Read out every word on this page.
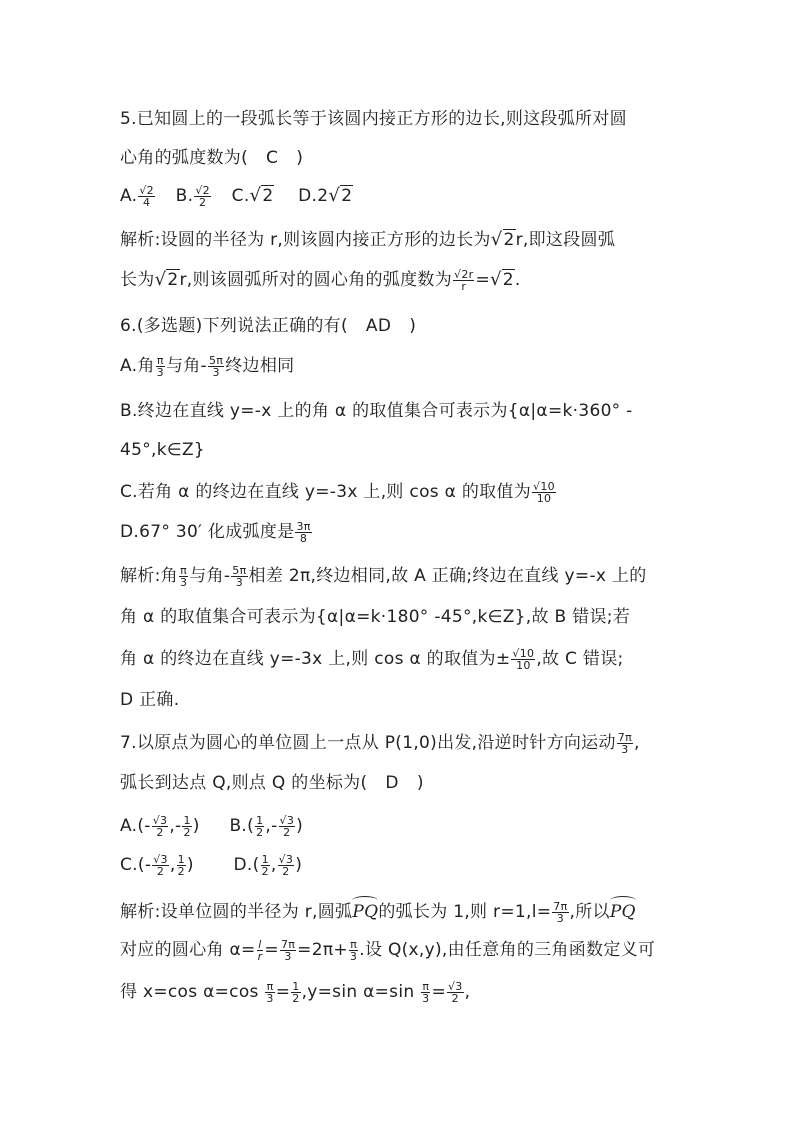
5.已知圆上的一段弧长等于该圆内接正方形的边长,则这段弧所对圆
心角的弧度数为( C )
A. $\frac{√2}{4} B$. $\frac{√2}{2} C.√2$ D.2√2
解析:设圆的半径为 r,则该圆内接正方形的边长为√2r,即这段圆弧
长为√2r,则该圆弧所对的圆心角的弧度数为 $\frac{√2r}{r} =√2$.
6.(多选题)下列说法正确的有( AD )
A.角 $\frac{\pi}{3}$ 与角- $\frac{5\pi}{3}$ 终边相同
B.终边在直线 y=-x 上的角 α 的取值集合可表示为{α|α=k·360° -
45°,k∈Z}
C.若角 α 的终边在直线 y=-3x 上,则 cos α 的取值为 $\frac{√10}{10}$
D.67° 30′ 化成弧度是 $\frac{3\pi}{8}$
解析:角 $\frac{\pi}{3}$ 与角- $\frac{5\pi}{3}$ 相差 2π,终边相同,故 A 正确;终边在直线 y=-x 上的
角 α 的取值集合可表示为{α|α=k·180° -45°,k∈Z},故 B 错误;若
角 α 的终边在直线 y=-3x 上,则 cos α 的取值为± $\frac{√10}{10}$ ,故 C 错误;
D 正确.
7.以原点为圆心的单位圆上一点从 P(1,0)出发,沿逆时针方向运动 $\frac{7\pi}{3}$ ,
弧长到达点 Q,则点 Q 的坐标为( D )
$A.(- \frac{√3}{2}$ ,- $\frac{1}{2}$ ) $B.( \frac{1}{2}$ ,- $\frac{√3}{2}$ )
$C.(- \frac{√3}{2}$ , $\frac{1}{2}$ ) $D.( \frac{1}{2}$ , $\frac{√3}{2}$ )
解析:设单位圆的半径为 r,圆弧PQ的弧长为 1,则 $r=1,l= \frac{7\pi}{3}$ ,所以PQ
对应的圆心角 $\alpha= \frac{l}{r} = \frac{7\pi}{3} =2\pi+ \frac{\pi}{3}$ .设 Q(x,y),由任意角的三角函数定义可
得 x=cos $\alpha=\cos \frac{\pi}{3} = \frac{1}{2} ,y=\sin$ $\alpha=\sin \frac{\pi}{3} = \frac{√3}{2}$ ,
